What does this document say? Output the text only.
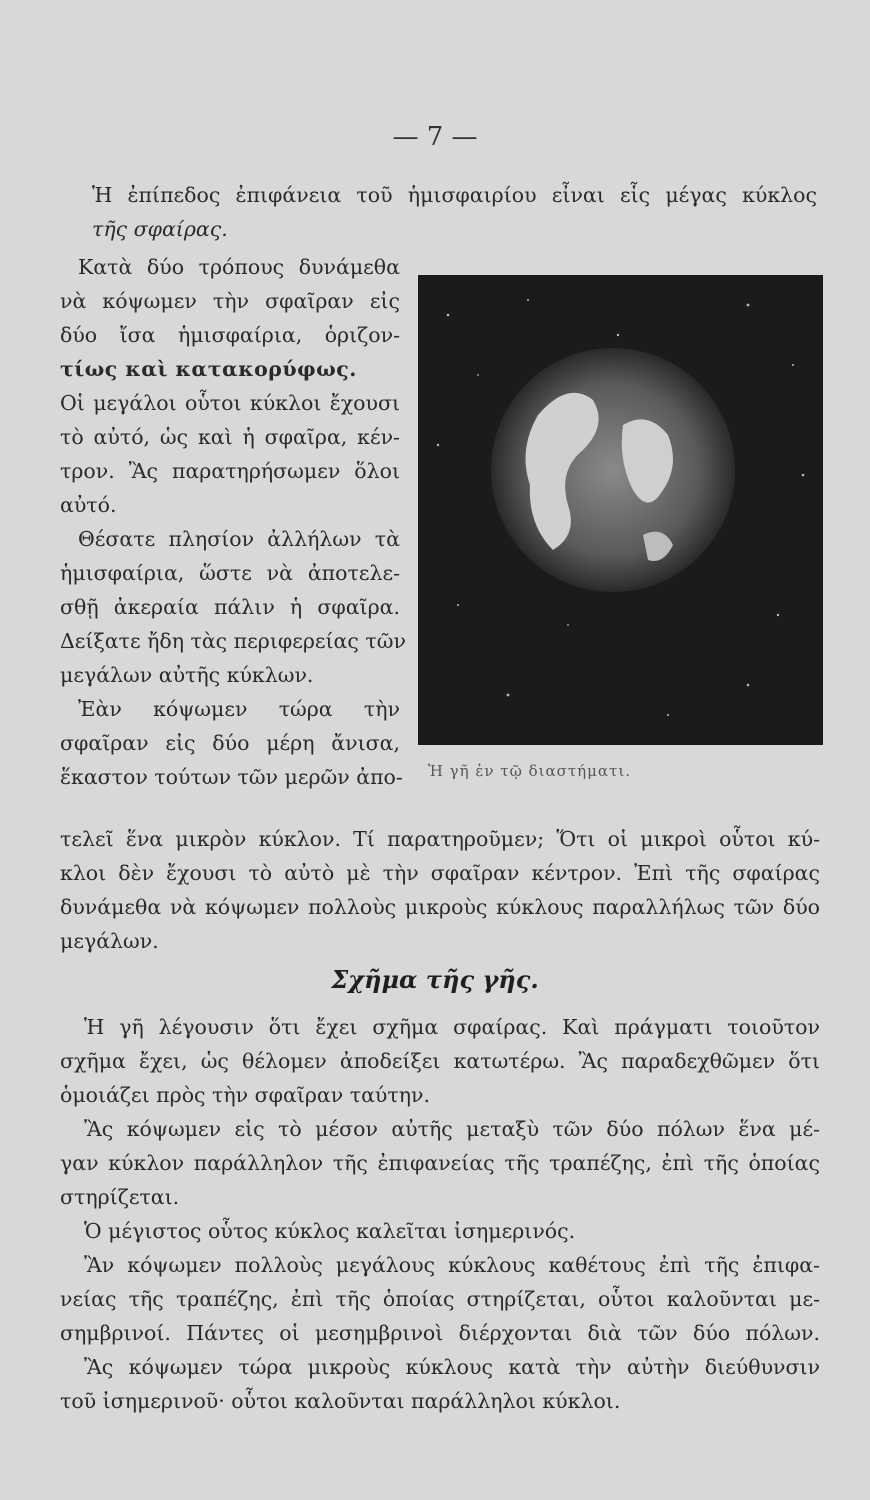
— 7 —
Ἡ ἐπίπεδος ἐπιφάνεια τοῦ ἡμισφαιρίου εἶναι εἷς μέγας κύκλος
τῆς σφαίρας.
Κατὰ δύο τρόπους δυνάμεθα
νὰ κόψωμεν τὴν σφαῖραν εἰς
δύο ἴσα ἡμισφαίρια, ὁριζον-
τίως καὶ κατακορύφως.
Οἱ μεγάλοι οὗτοι κύκλοι ἔχουσι
τὸ αὐτό, ὡς καὶ ἡ σφαῖρα, κέν-
τρον. Ἂς παρατηρήσωμεν ὅλοι
αὐτό.
Θέσατε πλησίον ἀλλήλων τὰ
ἡμισφαίρια, ὥστε νὰ ἀποτελε-
σθῇ ἀκεραία πάλιν ἡ σφαῖρα.
Δείξατε ἤδη τὰς περιφερείας τῶν
μεγάλων αὐτῆς κύκλων.
Ἐὰν κόψωμεν τώρα τὴν
σφαῖραν εἰς δύο μέρη ἄνισα,
ἕκαστον τούτων τῶν μερῶν ἀπο- Ἡ γῆ ἐν τῷ διαστήματι.
τελεῖ ἕνα μικρὸν κύκλον. Τί παρατηροῦμεν; Ὅτι οἱ μικροὶ οὗτοι κύ-
κλοι δὲν ἔχουσι τὸ αὐτὸ μὲ τὴν σφαῖραν κέντρον. Ἐπὶ τῆς σφαίρας
δυνάμεθα νὰ κόψωμεν πολλοὺς μικροὺς κύκλους παραλλήλως τῶν δύο
μεγάλων.
Σχῆμα τῆς γῆς.
Ἡ γῆ λέγουσιν ὅτι ἔχει σχῆμα σφαίρας. Καὶ πράγματι τοιοῦτον
σχῆμα ἔχει, ὡς θέλομεν ἀποδείξει κατωτέρω. Ἂς παραδεχθῶμεν ὅτι
ὁμοιάζει πρὸς τὴν σφαῖραν ταύτην.
Ἂς κόψωμεν εἰς τὸ μέσον αὐτῆς μεταξὺ τῶν δύο πόλων ἕνα μέ-
γαν κύκλον παράλληλον τῆς ἐπιφανείας τῆς τραπέζης, ἐπὶ τῆς ὁποίας
στηρίζεται.
Ὁ μέγιστος οὗτος κύκλος καλεῖται ἰσημερινός.
Ἂν κόψωμεν πολλοὺς μεγάλους κύκλους καθέτους ἐπὶ τῆς ἐπιφα-
νείας τῆς τραπέζης, ἐπὶ τῆς ὁποίας στηρίζεται, οὗτοι καλοῦνται με-
σημβρινοί. Πάντες οἱ μεσημβρινοὶ διέρχονται διὰ τῶν δύο πόλων.
Ἂς κόψωμεν τώρα μικροὺς κύκλους κατὰ τὴν αὐτὴν διεύθυνσιν
τοῦ ἰσημερινοῦ· οὗτοι καλοῦνται παράλληλοι κύκλοι.
